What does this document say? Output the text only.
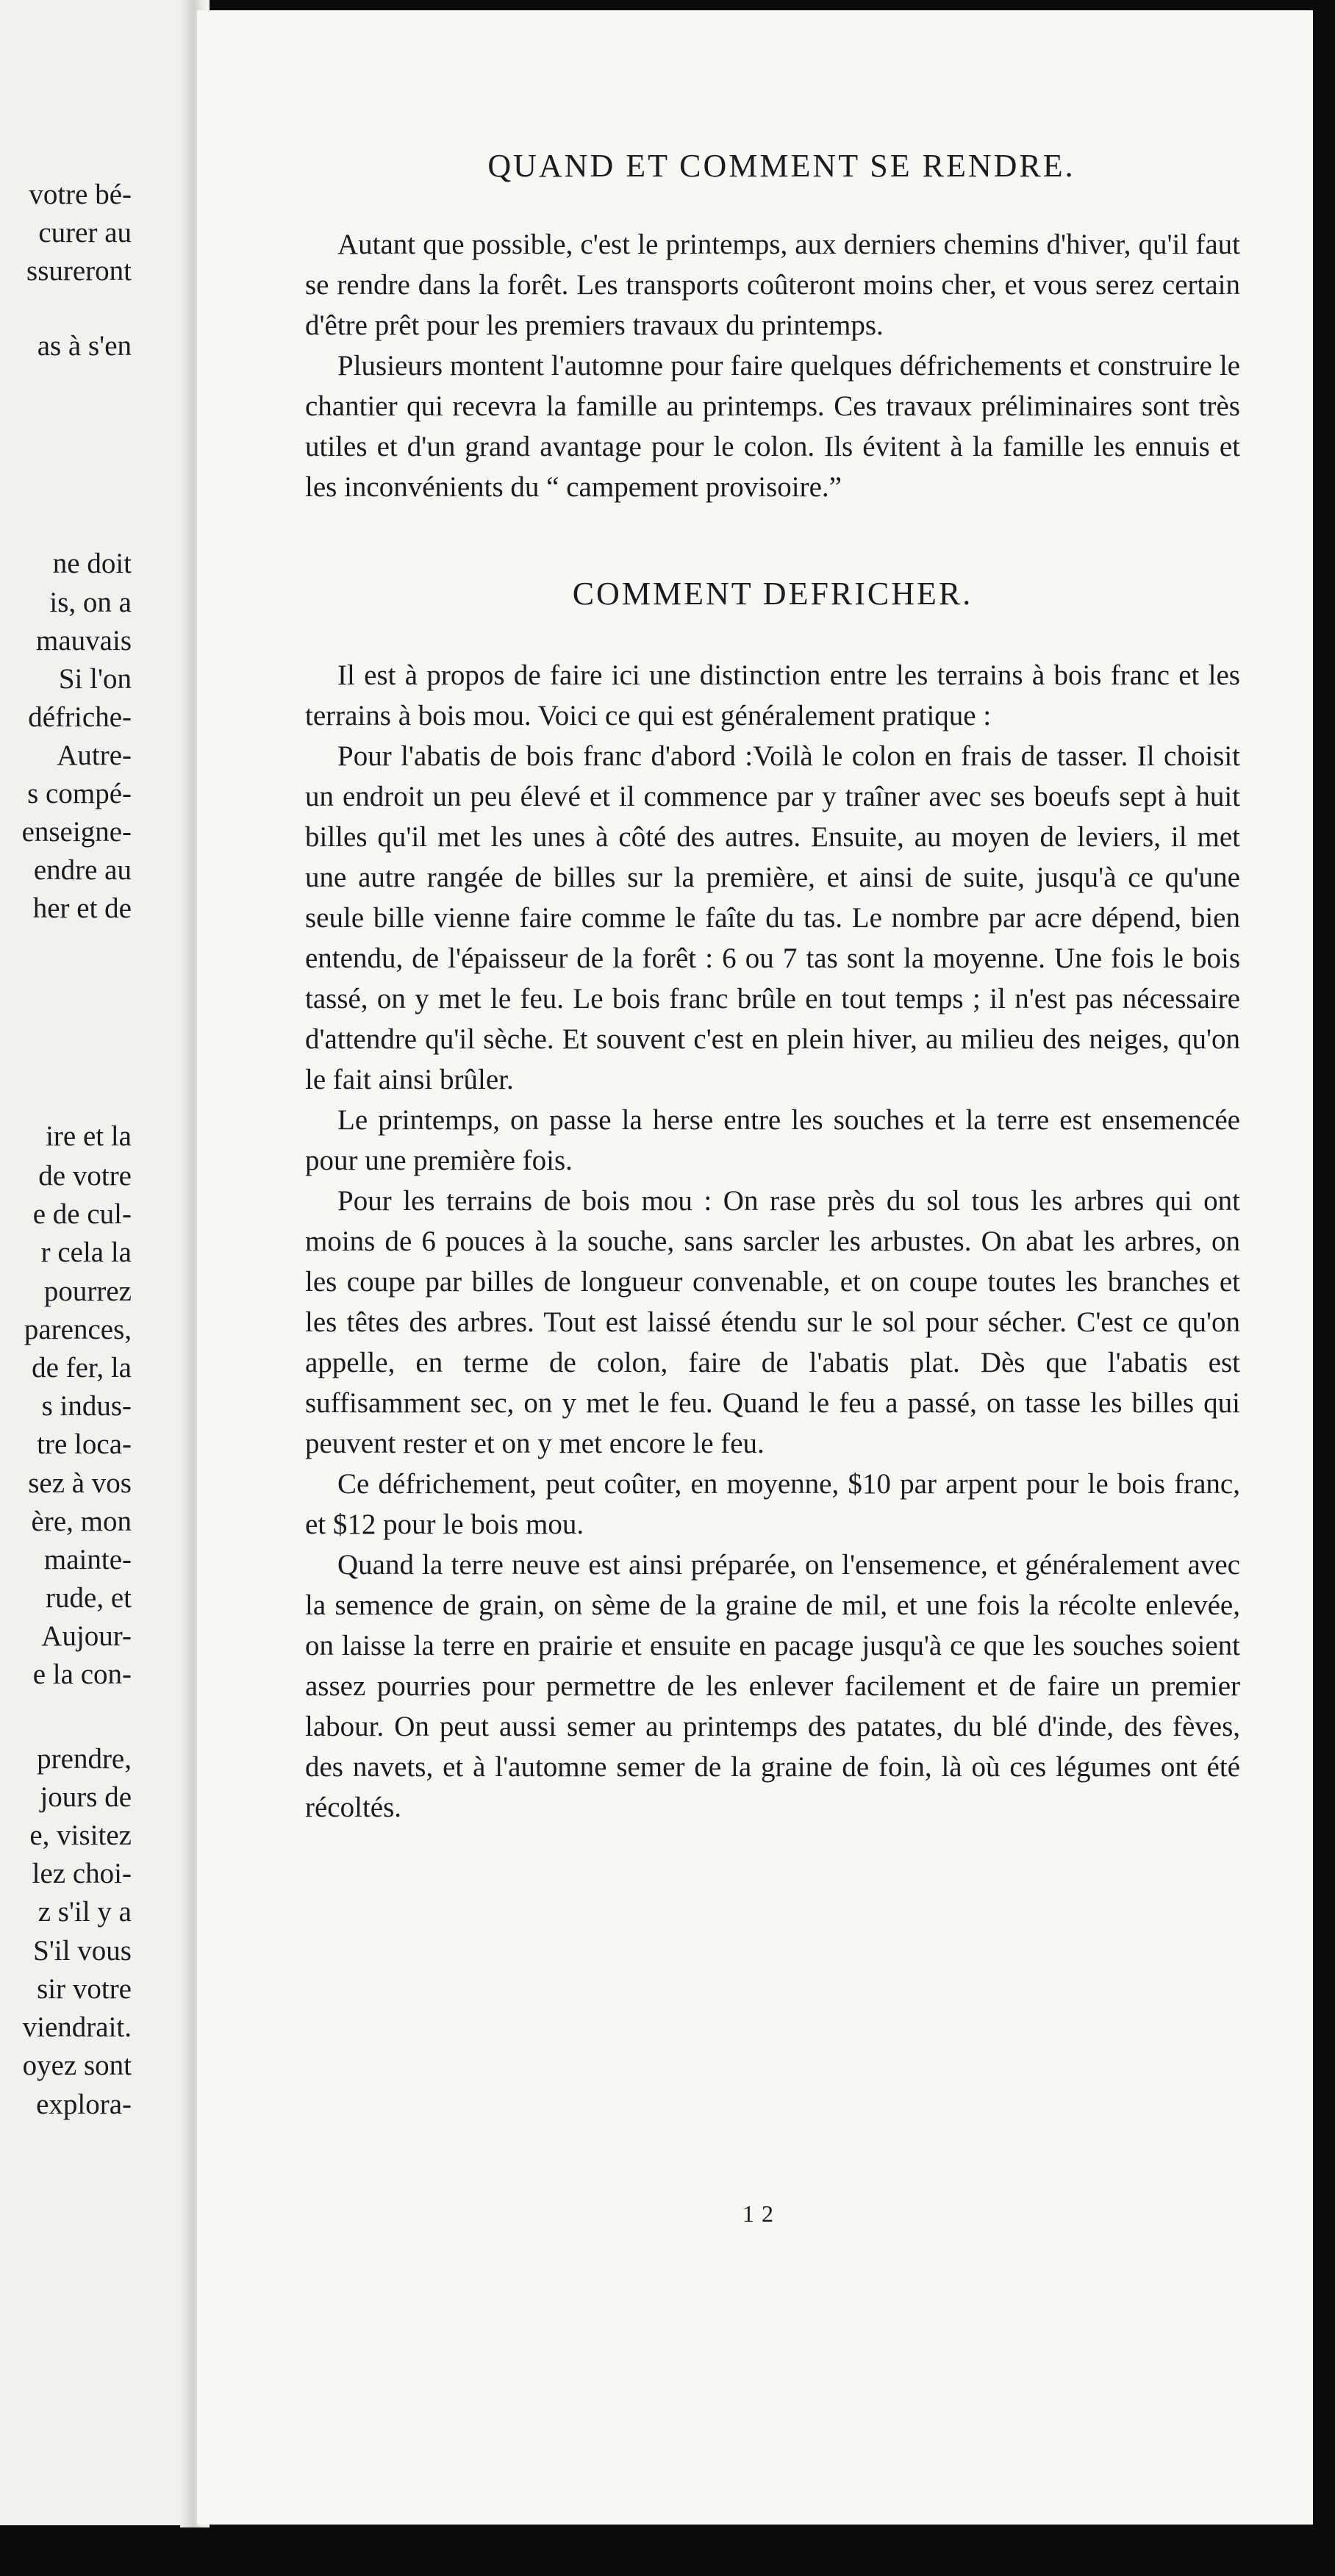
votre bé-
curer au
ssureront
as à s'en
ne doit
is, on a
mauvais
Si l'on
défriche-
Autre-
s compé-
enseigne-
endre au
her et de
ire et la
de votre
e de cul-
r cela la
pourrez
parences,
de fer, la
s indus-
tre loca-
sez à vos
ère, mon
mainte-
rude, et
Aujour-
e la con-
prendre,
jours de
e, visitez
lez choi-
z s'il y a
S'il vous
sir votre
viendrait.
oyez sont
explora-
QUAND ET COMMENT SE RENDRE.

Autant que possible, c'est le printemps, aux derniers chemins d'hiver, qu'il faut se rendre dans la forêt. Les transports coûteront moins cher, et vous serez certain d'être prêt pour les premiers travaux du printemps.

Plusieurs montent l'automne pour faire quelques défrichements et construire le chantier qui recevra la famille au printemps. Ces travaux préliminaires sont très utiles et d'un grand avantage pour le colon. Ils évitent à la famille les ennuis et les inconvénients du “ campement provisoire.”

COMMENT DEFRICHER.

Il est à propos de faire ici une distinction entre les terrains à bois franc et les terrains à bois mou. Voici ce qui est généralement pratique :

Pour l'abatis de bois franc d'abord :Voilà le colon en frais de tasser. Il choisit un endroit un peu élevé et il commence par y traîner avec ses boeufs sept à huit billes qu'il met les unes à côté des autres. Ensuite, au moyen de leviers, il met une autre rangée de billes sur la première, et ainsi de suite, jusqu'à ce qu'une seule bille vienne faire comme le faîte du tas. Le nombre par acre dépend, bien entendu, de l'épaisseur de la forêt : 6 ou 7 tas sont la moyenne. Une fois le bois tassé, on y met le feu. Le bois franc brûle en tout temps ; il n'est pas nécessaire d'attendre qu'il sèche. Et souvent c'est en plein hiver, au milieu des neiges, qu'on le fait ainsi brûler.

Le printemps, on passe la herse entre les souches et la terre est ensemencée pour une première fois.

Pour les terrains de bois mou : On rase près du sol tous les arbres qui ont moins de 6 pouces à la souche, sans sarcler les arbustes. On abat les arbres, on les coupe par billes de longueur convenable, et on coupe toutes les branches et les têtes des arbres. Tout est laissé étendu sur le sol pour sécher. C'est ce qu'on appelle, en terme de colon, faire de l'abatis plat. Dès que l'abatis est suffisamment sec, on y met le feu. Quand le feu a passé, on tasse les billes qui peuvent rester et on y met encore le feu.

Ce défrichement, peut coûter, en moyenne, $10 par arpent pour le bois franc, et $12 pour le bois mou.

Quand la terre neuve est ainsi préparée, on l'ensemence, et généralement avec la semence de grain, on sème de la graine de mil, et une fois la récolte enlevée, on laisse la terre en prairie et ensuite en pacage jusqu'à ce que les souches soient assez pourries pour permettre de les enlever facilement et de faire un premier labour. On peut aussi semer au printemps des patates, du blé d'inde, des fèves, des navets, et à l'automne semer de la graine de foin, là où ces légumes ont été récoltés.

12
